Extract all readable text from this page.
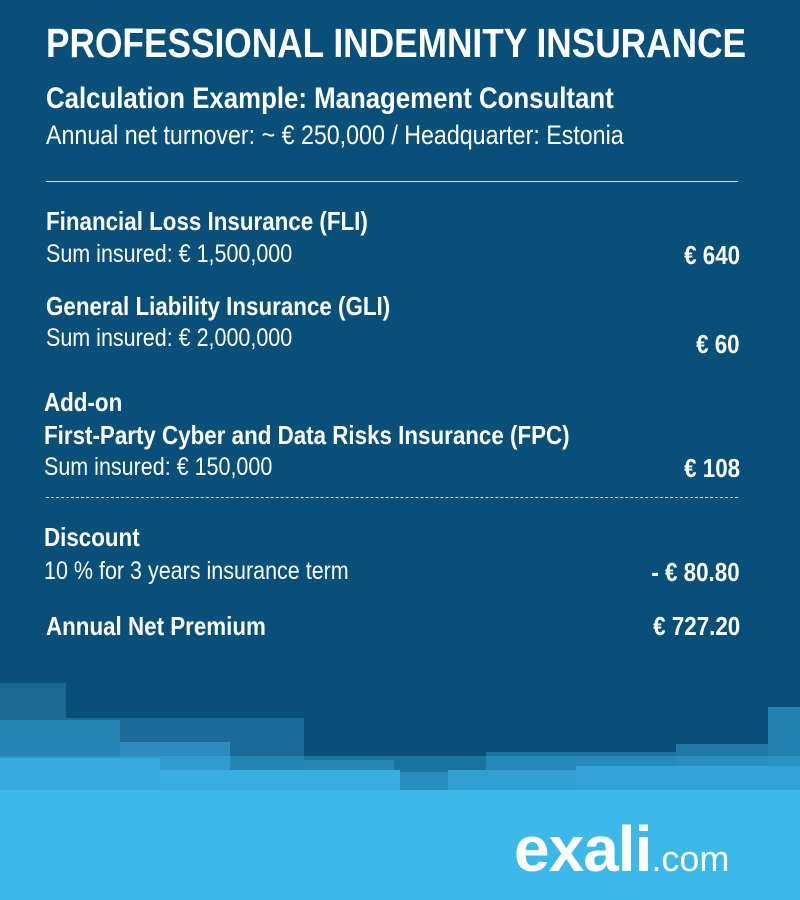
PROFESSIONAL INDEMNITY INSURANCE
Calculation Example: Management Consultant
Annual net turnover: ~ € 250,000 / Headquarter: Estonia
Financial Loss Insurance (FLI)
Sum insured: € 1,500,000	€ 640
General Liability Insurance (GLI)
Sum insured: € 2,000,000	€ 60
Add-on
First-Party Cyber and Data Risks Insurance (FPC)
Sum insured: € 150,000	€ 108
Discount
10 % for 3 years insurance term	- € 80.80
Annual Net Premium	€ 727.20
exali.com
